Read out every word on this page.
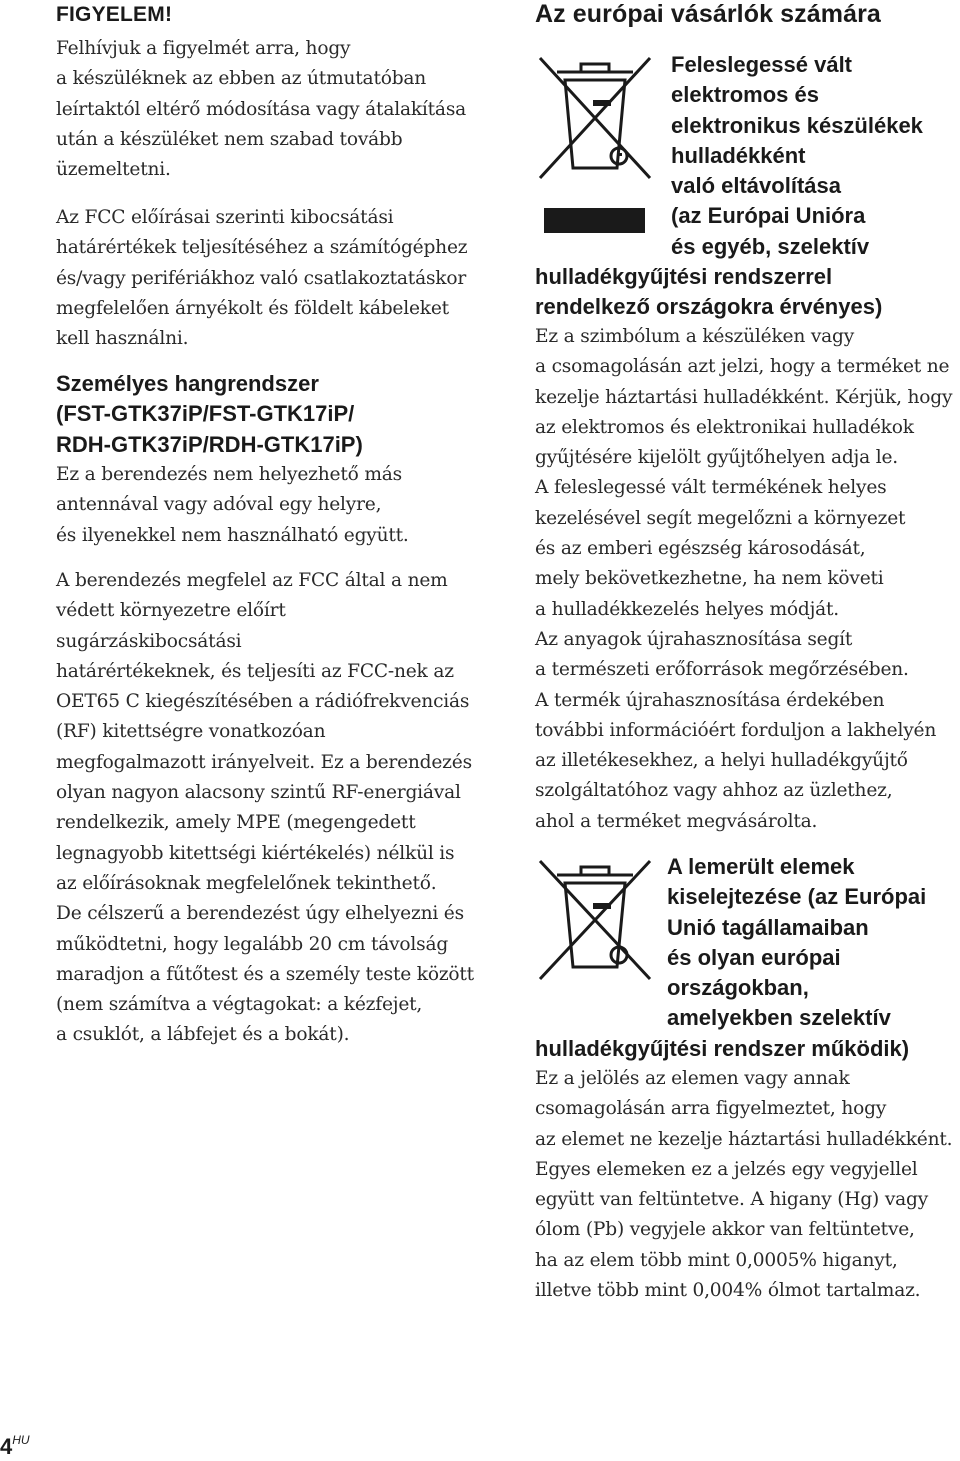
FIGYELEM!

Felhívjuk a figyelmét arra, hogy
a készüléknek az ebben az útmutatóban
leírtaktól eltérő módosítása vagy átalakítása
után a készüléket nem szabad tovább
üzemeltetni.

Az FCC előírásai szerinti kibocsátási
határértékek teljesítéséhez a számítógéphez
és/vagy perifériákhoz való csatlakoztatáskor
megfelelően árnyékolt és földelt kábeleket
kell használni.

Személyes hangrendszer
(FST-GTK37iP/FST-GTK17iP/
RDH-GTK37iP/RDH-GTK17iP)

Ez a berendezés nem helyezhető más
antennával vagy adóval egy helyre,
és ilyenekkel nem használható együtt.

A berendezés megfelel az FCC által a nem
védett környezetre előírt sugárzáskibocsátási
határértékeknek, és teljesíti az FCC-nek az
OET65 C kiegészítésében a rádiófrekvenciás
(RF) kitettségre vonatkozóan
megfogalmazott irányelveit. Ez a berendezés
olyan nagyon alacsony szintű RF-energiával
rendelkezik, amely MPE (megengedett
legnagyobb kitettségi kiértékelés) nélkül is
az előírásoknak megfelelőnek tekinthető.
De célszerű a berendezést úgy elhelyezni és
működtetni, hogy legalább 20 cm távolság
maradjon a fűtőtest és a személy teste között
(nem számítva a végtagokat: a kézfejet,
a csuklót, a lábfejet és a bokát).

Az európai vásárlók számára

Feleslegessé vált
elektromos és
elektronikus készülékek
hulladékként
való eltávolítása
(az Európai Unióra
és egyéb, szelektív

hulladékgyűjtési rendszerrel
rendelkező országokra érvényes)

Ez a szimbólum a készüléken vagy
a csomagolásán azt jelzi, hogy a terméket ne
kezelje háztartási hulladékként. Kérjük, hogy
az elektromos és elektronikai hulladékok
gyűjtésére kijelölt gyűjtőhelyen adja le.
A feleslegessé vált termékének helyes
kezelésével segít megelőzni a környezet
és az emberi egészség károsodását,
mely bekövetkezhetne, ha nem követi
a hulladékkezelés helyes módját.
Az anyagok újrahasznosítása segít
a természeti erőforrások megőrzésében.
A termék újrahasznosítása érdekében
további információért forduljon a lakhelyén
az illetékesekhez, a helyi hulladékgyűjtő
szolgáltatóhoz vagy ahhoz az üzlethez,
ahol a terméket megvásárolta.

A lemerült elemek
kiselejtezése (az Európai
Unió tagállamaiban
és olyan európai
országokban,
amelyekben szelektív

hulladékgyűjtési rendszer működik)

Ez a jelölés az elemen vagy annak
csomagolásán arra figyelmeztet, hogy
az elemet ne kezelje háztartási hulladékként.
Egyes elemeken ez a jelzés egy vegyjellel
együtt van feltüntetve. A higany (Hg) vagy
ólom (Pb) vegyjele akkor van feltüntetve,
ha az elem több mint 0,0005% higanyt,
illetve több mint 0,004% ólmot tartalmaz.

$4^{HU}$
